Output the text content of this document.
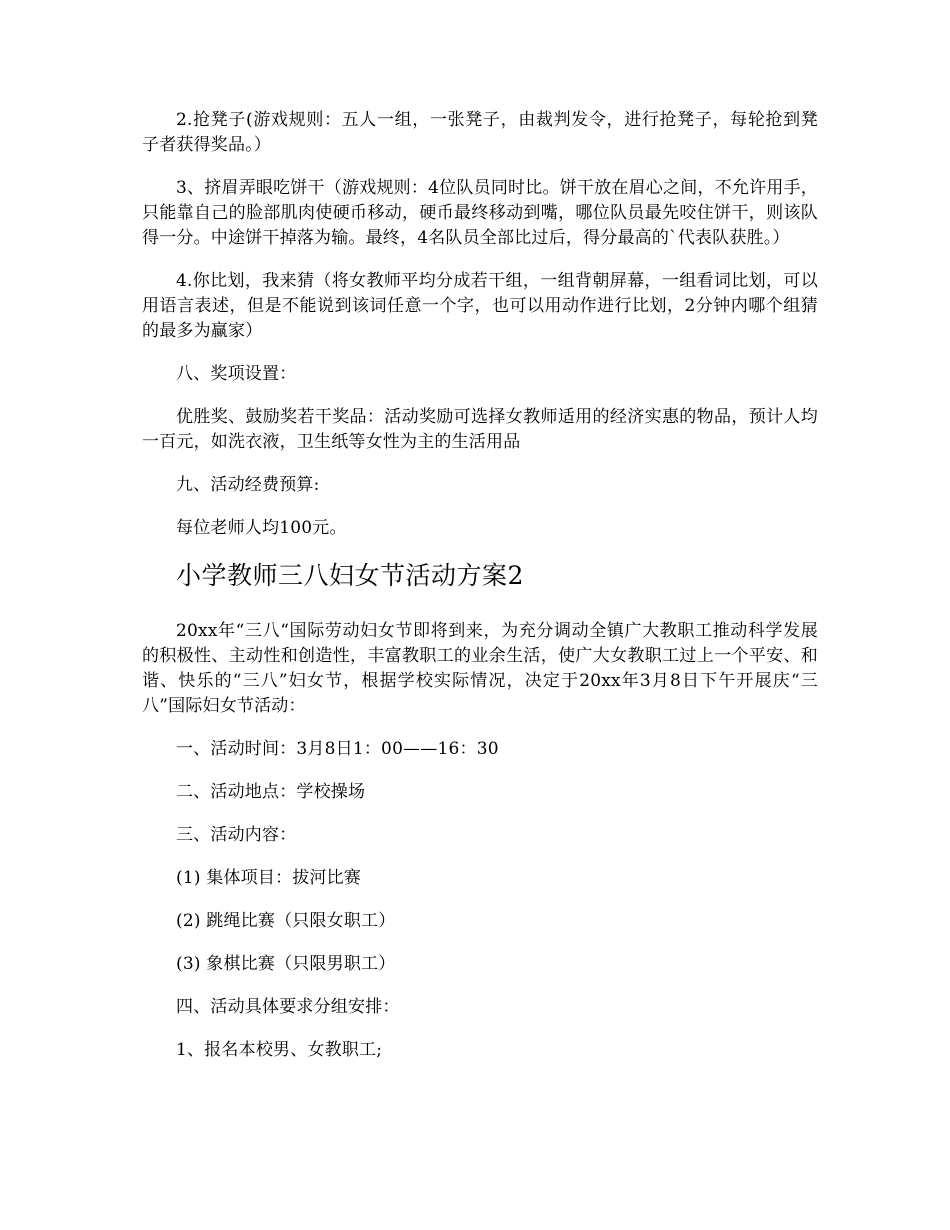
2.抢凳子(游戏规则：五人一组，一张凳子，由裁判发令，进行抢凳子，每轮抢到凳子者获得奖品。）

3、挤眉弄眼吃饼干（游戏规则：4位队员同时比。饼干放在眉心之间，不允许用手，只能靠自己的脸部肌肉使硬币移动，硬币最终移动到嘴，哪位队员最先咬住饼干，则该队得一分。中途饼干掉落为输。最终，4名队员全部比过后，得分最高的`代表队获胜。）

4.你比划，我来猜（将女教师平均分成若干组，一组背朝屏幕，一组看词比划，可以用语言表述，但是不能说到该词任意一个字，也可以用动作进行比划，2分钟内哪个组猜的最多为赢家）

八、奖项设置：

优胜奖、鼓励奖若干奖品：活动奖励可选择女教师适用的经济实惠的物品，预计人均一百元，如洗衣液，卫生纸等女性为主的生活用品

九、活动经费预算:

每位老师人均100元。

小学教师三八妇女节活动方案2

20xx年“三八“国际劳动妇女节即将到来，为充分调动全镇广大教职工推动科学发展的积极性、主动性和创造性，丰富教职工的业余生活，使广大女教职工过上一个平安、和谐、快乐的“三八”妇女节，根据学校实际情况，决定于20xx年3月8日下午开展庆“三八”国际妇女节活动：

一、活动时间：3月8日1：00——16：30

二、活动地点：学校操场

三、活动内容：

(1) 集体项目：拔河比赛

(2) 跳绳比赛（只限女职工）

(3) 象棋比赛（只限男职工）

四、活动具体要求分组安排：

1、报名本校男、女教职工;
